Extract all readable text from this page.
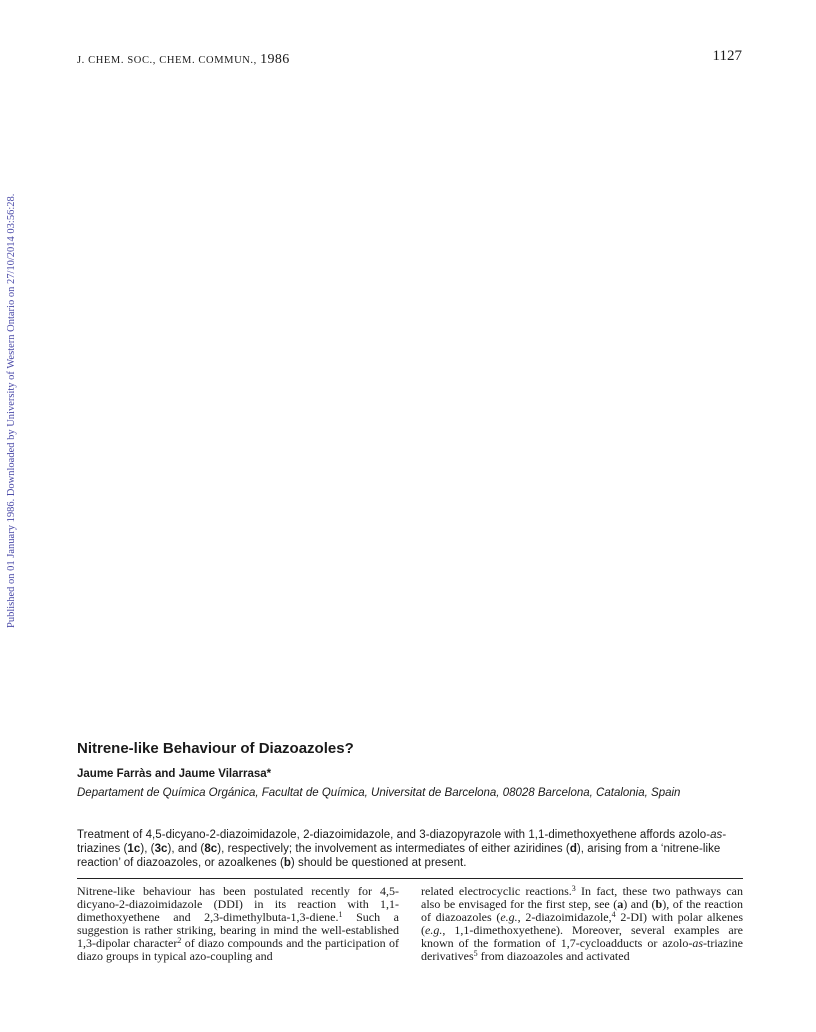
J. CHEM. SOC., CHEM. COMMUN., 1986	1127
Published on 01 January 1986. Downloaded by University of Western Ontario on 27/10/2014 03:56:28.
Nitrene-like Behaviour of Diazoazoles?
Jaume Farràs and Jaume Vilarrasa*
Departament de Química Orgánica, Facultat de Química, Universitat de Barcelona, 08028 Barcelona, Catalonia, Spain
Treatment of 4,5-dicyano-2-diazoimidazole, 2-diazoimidazole, and 3-diazopyrazole with 1,1-dimethoxyethene affords azolo-as-triazines (1c), (3c), and (8c), respectively; the involvement as intermediates of either aziridines (d), arising from a ‘nitrene-like reaction’ of diazoazoles, or azoalkenes (b) should be questioned at present.
Nitrene-like behaviour has been postulated recently for 4,5-dicyano-2-diazoimidazole (DDI) in its reaction with 1,1-dimethoxyethene and 2,3-dimethylbuta-1,3-diene.$^1$ Such a suggestion is rather striking, bearing in mind the well-established 1,3-dipolar character$^2$ of diazo compounds and the participation of diazo groups in typical azo-coupling and
related electrocyclic reactions.$^3$ In fact, these two pathways can also be envisaged for the first step, see (a) and (b), of the reaction of diazoazoles (e.g., 2-diazoimidazole,$^4$ 2-DI) with polar alkenes (e.g., 1,1-dimethoxyethene). Moreover, several examples are known of the formation of 1,7-cycloadducts or azolo-as-triazine derivatives$^5$ from diazoazoles and activated
